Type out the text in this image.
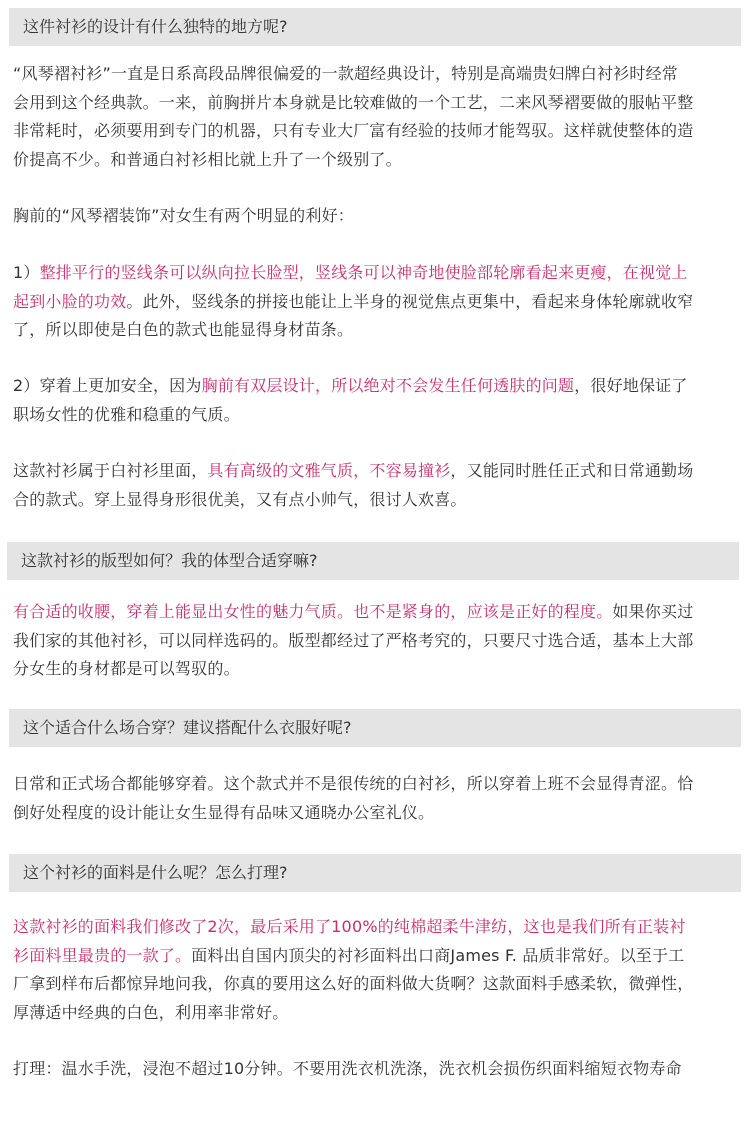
这件衬衫的设计有什么独特的地方呢?

“风琴褶衬衫”一直是日系高段品牌很偏爱的一款超经典设计，特别是高端贵妇牌白衬衫时经常
会用到这个经典款。一来，前胸拼片本身就是比较难做的一个工艺，二来风琴褶要做的服帖平整
非常耗时，必须要用到专门的机器，只有专业大厂富有经验的技师才能驾驭。这样就使整体的造
价提高不少。和普通白衬衫相比就上升了一个级别了。

胸前的“风琴褶装饰”对女生有两个明显的利好：

1）整排平行的竖线条可以纵向拉长脸型，竖线条可以神奇地使脸部轮廓看起来更瘦，在视觉上
起到小脸的功效。此外，竖线条的拼接也能让上半身的视觉焦点更集中，看起来身体轮廓就收窄
了，所以即使是白色的款式也能显得身材苗条。

2）穿着上更加安全，因为胸前有双层设计，所以绝对不会发生任何透肤的问题，很好地保证了
职场女性的优雅和稳重的气质。

这款衬衫属于白衬衫里面，具有高级的文雅气质，不容易撞衫，又能同时胜任正式和日常通勤场
合的款式。穿上显得身形很优美，又有点小帅气，很讨人欢喜。

这款衬衫的版型如何？我的体型合适穿嘛?

有合适的收腰，穿着上能显出女性的魅力气质。也不是紧身的，应该是正好的程度。如果你买过
我们家的其他衬衫，可以同样选码的。版型都经过了严格考究的，只要尺寸选合适，基本上大部
分女生的身材都是可以驾驭的。

这个适合什么场合穿？建议搭配什么衣服好呢?

日常和正式场合都能够穿着。这个款式并不是很传统的白衬衫，所以穿着上班不会显得青涩。恰
倒好处程度的设计能让女生显得有品味又通晓办公室礼仪。

这个衬衫的面料是什么呢？怎么打理?

这款衬衫的面料我们修改了2次，最后采用了100%的纯棉超柔牛津纺，这也是我们所有正装衬
衫面料里最贵的一款了。面料出自国内顶尖的衬衫面料出口商James F. 品质非常好。以至于工
厂拿到样布后都惊异地问我，你真的要用这么好的面料做大货啊？这款面料手感柔软，微弹性，
厚薄适中经典的白色，利用率非常好。

打理：温水手洗，浸泡不超过10分钟。不要用洗衣机洗涤，洗衣机会损伤织面料缩短衣物寿命
